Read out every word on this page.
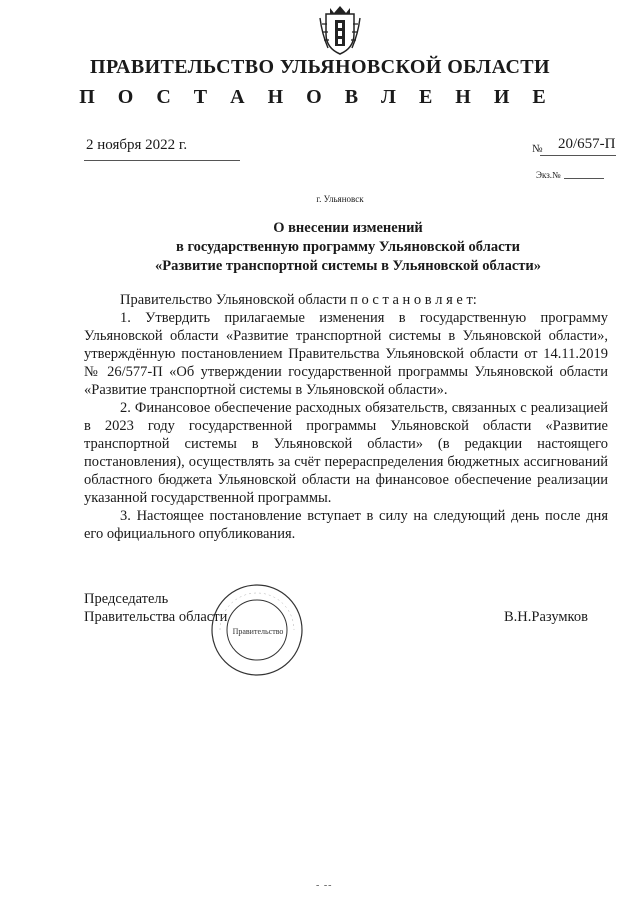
ПРАВИТЕЛЬСТВО УЛЬЯНОВСКОЙ ОБЛАСТИ
П О С Т А Н О В Л Е Н И Е
2 ноября 2022 г.	№ 20/657-П
Экз.№
г. Ульяновск
О внесении изменений
в государственную программу Ульяновской области
«Развитие транспортной системы в Ульяновской области»

Правительство Ульяновской области п о с т а н о в л я е т:

1. Утвердить прилагаемые изменения в государственную программу Ульяновской области «Развитие транспортной системы в Ульяновской области», утверждённую постановлением Правительства Ульяновской области от 14.11.2019 № 26/577-П «Об утверждении государственной программы Ульяновской области «Развитие транспортной системы в Ульяновской области».

2. Финансовое обеспечение расходных обязательств, связанных с реализацией в 2023 году государственной программы Ульяновской области «Развитие транспортной системы в Ульяновской области» (в редакции настоящего постановления), осуществлять за счёт перераспределения бюджетных ассигнований областного бюджета Ульяновской области на финансовое обеспечение реализации указанной государственной программы.

3. Настоящее постановление вступает в силу на следующий день после дня его официального опубликования.

Председатель
Правительства области	В.Н.Разумков
Правительство
- --
